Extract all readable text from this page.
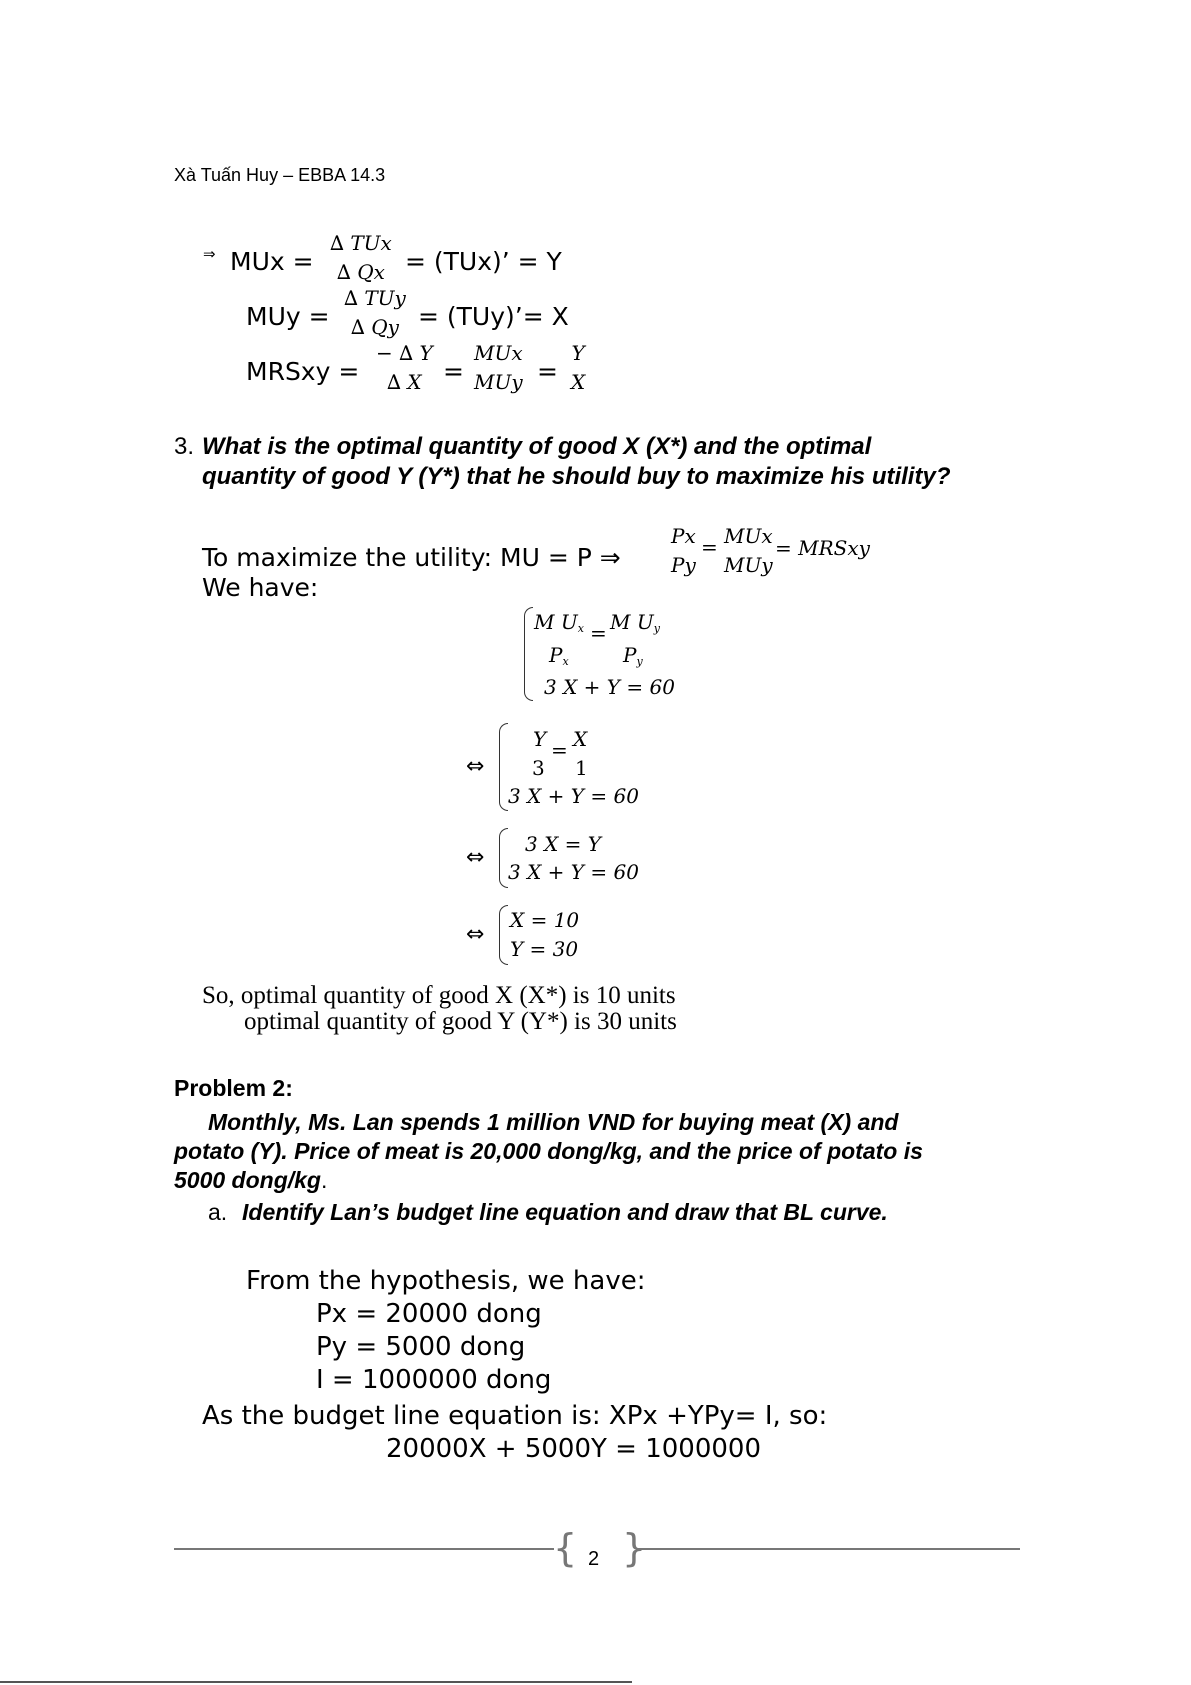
Xà Tuấn Huy – EBBA 14.3
⇒ MUx =
∆ TUx
∆ Qx = (TUx)’ = Y
MUy =
∆ TUy
∆ Qy = (TUy)’= X
MRSxy =
− ∆ Y
∆ X =
MUx
MUy =
Y
X
3. What is the optimal quantity of good X (X*) and the optimal
quantity of good Y (Y*) that he should buy to maximize his utility?
To maximize the utility: MU = P ⇒
Px
Py
= MUx
MUy
= MRSxy
We have:
M Ux = M Uy
Px	Py
3 X + Y = 60
⇔
Y = X
3 1
3 X + Y = 60
⇔
3 X = Y
3 X + Y = 60
⇔
X = 10
Y = 30
So, optimal quantity of good X (X*) is 10 units
optimal quantity of good Y (Y*) is 30 units
Problem 2:
Monthly, Ms. Lan spends 1 million VND for buying meat (X) and
potato (Y). Price of meat is 20,000 dong/kg, and the price of potato is
5000 dong/kg.
a. Identify Lan’s budget line equation and draw that BL curve.
From the hypothesis, we have:
Px = 20000 dong
Py = 5000 dong
I = 1000000 dong
As the budget line equation is: XPx +YPy= I, so:
20000X + 5000Y = 1000000
{ }
2
